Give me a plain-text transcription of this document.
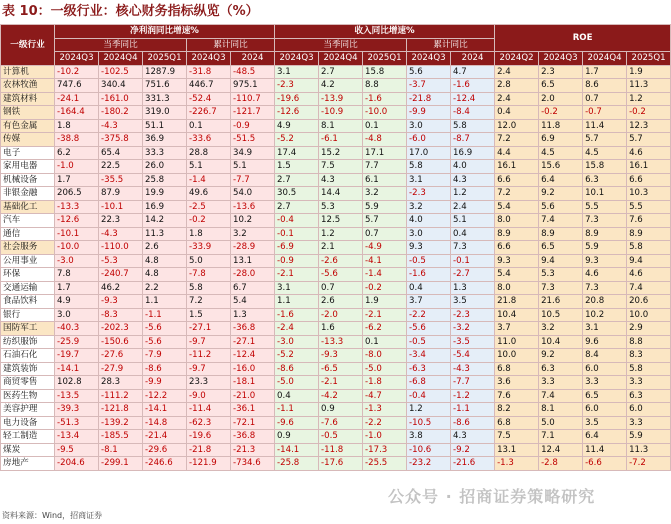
表 10：一级行业：核心财务指标纵览（%）
一级行业	净利润同比增速%					收入同比增速%					ROE			
	当季同比			累计同比		当季同比			累计同比					
	2024Q3	2024Q4	2025Q1	2024Q3	2024	2024Q3	2024Q4	2025Q1	2024Q3	2024	2024Q2	2024Q3	2024Q4	2025Q1
计算机	-10.2	-102.5	1287.9	-31.8	-48.5	3.1	2.7	15.8	5.6	4.7	2.4	2.3	1.7	1.9
农林牧渔	747.6	340.4	751.6	446.7	975.1	-2.3	4.2	8.8	-3.7	-1.6	2.8	6.5	8.6	11.3
建筑材料	-24.1	-161.0	331.3	-52.4	-110.7	-19.6	-13.9	-1.6	-21.8	-12.4	2.4	2.0	0.7	1.2
钢铁	-164.4	-180.2	319.0	-226.7	-121.7	-12.6	-10.9	-10.0	-9.9	-8.4	0.4	-0.2	-0.7	-0.2
有色金属	1.8	-4.3	51.1	0.1	-0.9	4.9	8.1	0.1	3.0	5.8	12.0	11.8	11.4	12.3
传媒	-38.8	-375.8	36.9	-33.6	-51.5	-5.2	-6.1	-4.8	-6.0	-8.7	7.2	6.9	5.7	5.7
电子	6.2	65.4	33.3	28.8	34.9	17.4	15.2	17.1	17.0	16.9	4.4	4.5	4.5	4.6
家用电器	-1.0	22.5	26.0	5.1	5.1	1.5	7.5	7.7	5.8	4.0	16.1	15.6	15.8	16.1
机械设备	1.7	-35.5	25.8	-1.4	-7.7	2.7	4.3	6.1	3.1	4.3	6.6	6.4	6.3	6.6
非银金融	206.5	87.9	19.9	49.6	54.0	30.5	14.4	3.2	-2.3	1.2	7.2	9.2	10.1	10.3
基础化工	-13.3	-10.1	16.9	-2.5	-13.6	2.7	5.3	5.9	3.2	2.4	5.4	5.6	5.5	5.5
汽车	-12.6	22.3	14.2	-0.2	10.2	-0.4	12.5	5.7	4.0	5.1	8.0	7.4	7.3	7.6
通信	-10.1	-4.3	11.3	1.8	3.2	-0.1	1.2	0.7	3.0	0.4	8.9	8.9	8.9	8.9
社会服务	-10.0	-110.0	2.6	-33.9	-28.9	-6.9	2.1	-4.9	9.3	7.3	6.6	6.5	5.9	5.8
公用事业	-3.0	-5.3	4.8	5.0	13.1	-0.9	-2.6	-4.1	-0.5	-0.1	9.3	9.4	9.3	9.4
环保	7.8	-240.7	4.8	-7.8	-28.0	-2.1	-5.6	-1.4	-1.6	-2.7	5.4	5.3	4.6	4.6
交通运输	1.7	46.2	2.2	5.8	6.7	3.1	0.7	-0.2	0.4	1.3	8.0	7.3	7.3	7.4
食品饮料	4.9	-9.3	1.1	7.2	5.4	1.1	2.6	1.9	3.7	3.5	21.8	21.6	20.8	20.6
银行	3.0	-8.3	-1.1	1.5	1.3	-1.6	-2.0	-2.1	-2.2	-2.3	10.4	10.5	10.2	10.0
国防军工	-40.3	-202.3	-5.6	-27.1	-36.8	-2.4	1.6	-6.2	-5.6	-3.2	3.7	3.2	3.1	2.9
纺织服饰	-25.9	-150.6	-5.6	-9.7	-27.1	-3.0	-13.3	0.1	-0.5	-3.5	11.0	10.4	9.6	8.8
石油石化	-19.7	-27.6	-7.9	-11.2	-12.4	-5.2	-9.3	-8.0	-3.4	-5.4	10.0	9.2	8.4	8.3
建筑装饰	-14.1	-27.9	-8.6	-9.7	-16.0	-8.6	-6.5	-5.0	-6.3	-4.3	6.8	6.3	6.0	5.8
商贸零售	102.8	28.3	-9.9	23.3	-18.1	-5.0	-2.1	-1.8	-6.8	-7.7	3.6	3.3	3.3	3.3
医药生物	-13.5	-111.2	-12.2	-9.0	-21.0	0.4	-4.2	-4.7	-0.4	-1.2	7.6	7.4	6.5	6.3
美容护理	-39.3	-121.8	-14.1	-11.4	-36.1	-1.1	0.9	-1.3	1.2	-1.1	8.2	8.1	6.0	6.0
电力设备	-51.3	-139.2	-14.8	-62.3	-72.1	-9.6	-7.6	-2.2	-10.5	-8.6	6.8	5.0	3.5	3.3
轻工制造	-13.4	-185.5	-21.4	-19.6	-36.8	0.9	-0.5	-1.0	3.8	4.3	7.5	7.1	6.4	5.9
煤炭	-9.5	-8.1	-29.6	-21.8	-21.3	-14.1	-11.8	-17.3	-10.6	-9.2	13.1	12.4	11.4	11.3
房地产	-204.6	-299.1	-246.6	-121.9	-734.6	-25.8	-17.6	-25.5	-23.2	-21.6	-1.3	-2.8	-6.6	-7.2
公众号 · 招商证券策略研究
资料来源：Wind，招商证券
